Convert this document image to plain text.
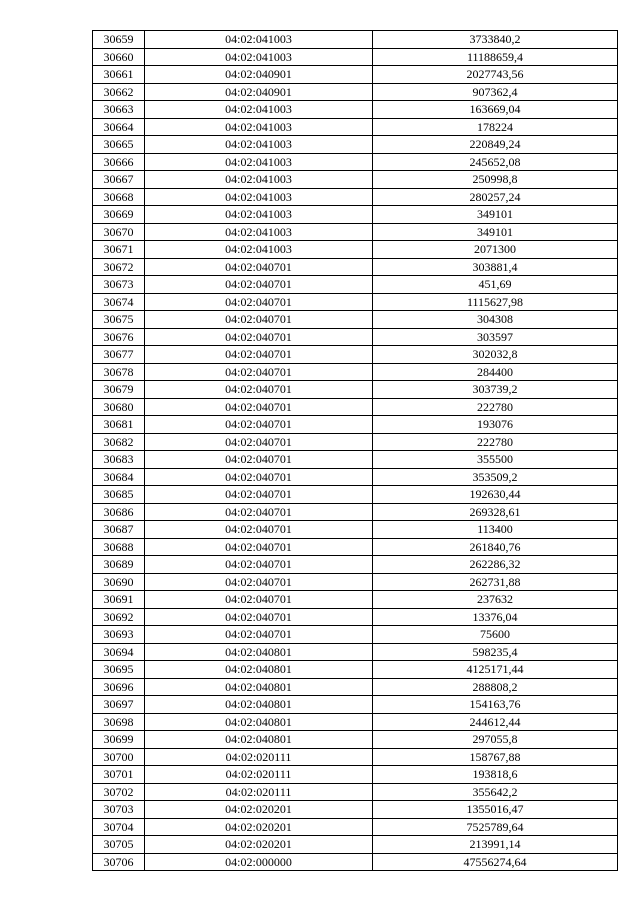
30659	04:02:041003	3733840,2
30660	04:02:041003	11188659,4
30661	04:02:040901	2027743,56
30662	04:02:040901	907362,4
30663	04:02:041003	163669,04
30664	04:02:041003	178224
30665	04:02:041003	220849,24
30666	04:02:041003	245652,08
30667	04:02:041003	250998,8
30668	04:02:041003	280257,24
30669	04:02:041003	349101
30670	04:02:041003	349101
30671	04:02:041003	2071300
30672	04:02:040701	303881,4
30673	04:02:040701	451,69
30674	04:02:040701	1115627,98
30675	04:02:040701	304308
30676	04:02:040701	303597
30677	04:02:040701	302032,8
30678	04:02:040701	284400
30679	04:02:040701	303739,2
30680	04:02:040701	222780
30681	04:02:040701	193076
30682	04:02:040701	222780
30683	04:02:040701	355500
30684	04:02:040701	353509,2
30685	04:02:040701	192630,44
30686	04:02:040701	269328,61
30687	04:02:040701	113400
30688	04:02:040701	261840,76
30689	04:02:040701	262286,32
30690	04:02:040701	262731,88
30691	04:02:040701	237632
30692	04:02:040701	13376,04
30693	04:02:040701	75600
30694	04:02:040801	598235,4
30695	04:02:040801	4125171,44
30696	04:02:040801	288808,2
30697	04:02:040801	154163,76
30698	04:02:040801	244612,44
30699	04:02:040801	297055,8
30700	04:02:020111	158767,88
30701	04:02:020111	193818,6
30702	04:02:020111	355642,2
30703	04:02:020201	1355016,47
30704	04:02:020201	7525789,64
30705	04:02:020201	213991,14
30706	04:02:000000	47556274,64
